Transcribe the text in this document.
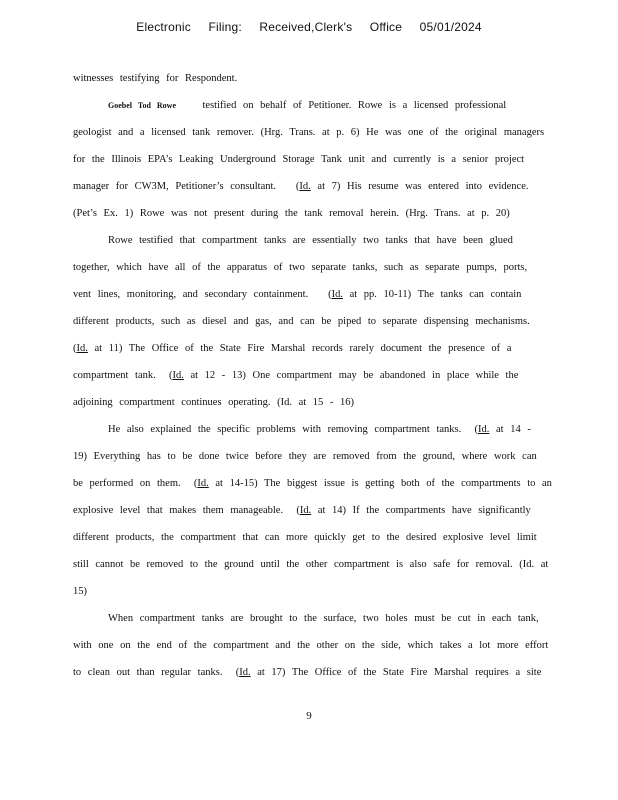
Electronic Filing: Received,Clerk's Office 05/01/2024
witnesses testifying for Respondent.
Goebel Tod Rowe	testified on behalf of Petitioner. Rowe is a licensed professional
geologist and a licensed tank remover. (Hrg. Trans. at p. 6) He was one of the original managers
for the Illinois EPA’s Leaking Underground Storage Tank unit and currently is a senior project
manager for CW3M, Petitioner’s consultant.   (Id. at 7) His resume was entered into evidence.
(Pet’s Ex. 1) Rowe was not present during the tank removal herein. (Hrg. Trans. at p. 20)
Rowe testified that compartment tanks are essentially two tanks that have been glued
together, which have all of the apparatus of two separate tanks, such as separate pumps, ports,
vent lines, monitoring, and secondary containment.   (Id. at pp. 10-11) The tanks can contain
different products, such as diesel and gas, and can be piped to separate dispensing mechanisms.
(Id. at 11) The Office of the State Fire Marshal records rarely document the presence of a
compartment tank.  (Id. at 12 - 13) One compartment may be abandoned in place while the
adjoining compartment continues operating. (Id. at 15 - 16)
He also explained the specific problems with removing compartment tanks.  (Id. at 14 -
19) Everything has to be done twice before they are removed from the ground, where work can
be performed on them.  (Id. at 14-15) The biggest issue is getting both of the compartments to an
explosive level that makes them manageable.  (Id. at 14) If the compartments have significantly
different products, the compartment that can more quickly get to the desired explosive level limit
still cannot be removed to the ground until the other compartment is also safe for removal. (Id. at
15)
When compartment tanks are brought to the surface, two holes must be cut in each tank,
with one on the end of the compartment and the other on the side, which takes a lot more effort
to clean out than regular tanks.  (Id. at 17) The Office of the State Fire Marshal requires a site
9
